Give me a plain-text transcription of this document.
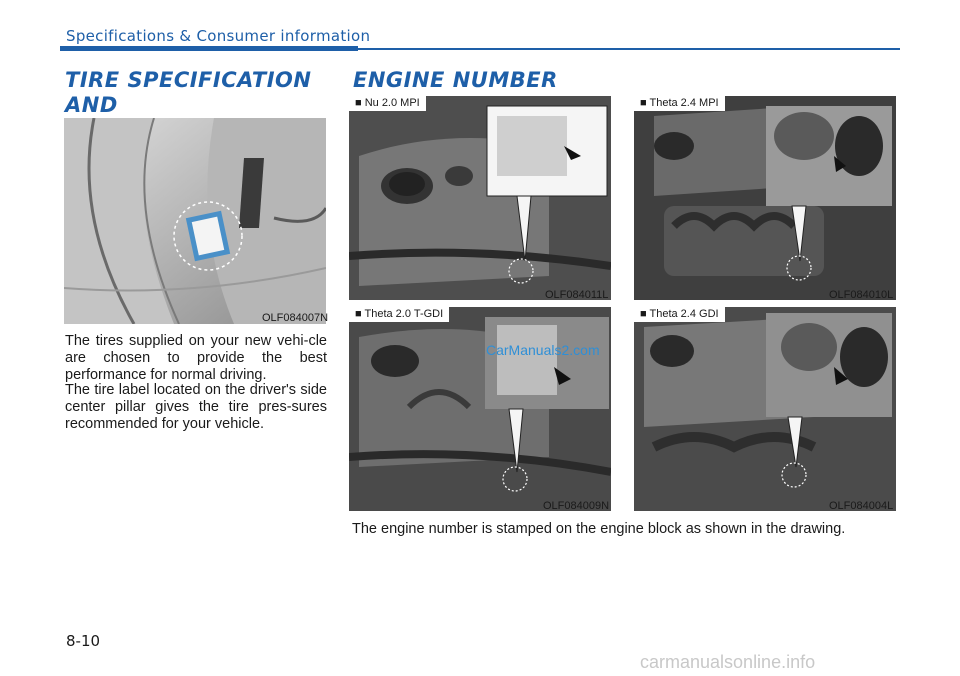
Specifications & Consumer information
TIRE SPECIFICATION AND
ENGINE NUMBER
OLF084007N
The tires supplied on your new vehi-cle are chosen to provide the best performance for normal driving.
The tire label located on the driver's side center pillar gives the tire pres-sures recommended for your vehicle.
■ Nu 2.0 MPI
OLF084011L
■ Theta 2.4 MPI
OLF084010L
■ Theta 2.0 T-GDI
OLF084009N
■ Theta 2.4 GDI
OLF084004L
The engine number is stamped on the engine block as shown in the drawing.
CarManuals2.com
carmanualsonline.info
8-10
